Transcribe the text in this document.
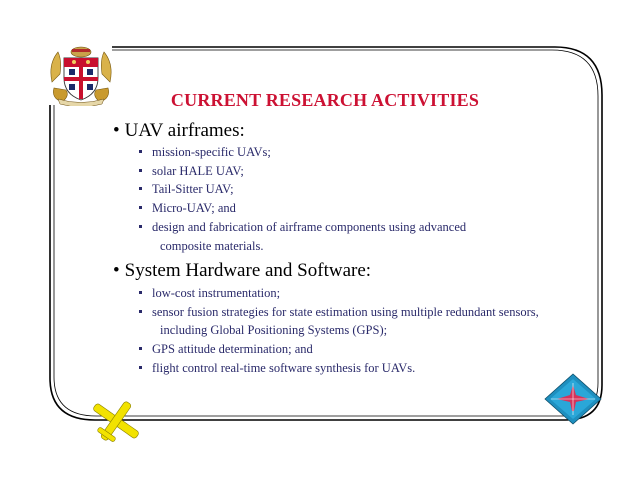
CURRENT RESEARCH ACTIVITIES
• UAV airframes:
mission-specific UAVs;
solar HALE UAV;
Tail-Sitter UAV;
Micro-UAV; and
design and fabrication of airframe components using advanced
composite materials.
• System Hardware and Software:
low-cost instrumentation;
sensor fusion strategies for state estimation using multiple redundant sensors,
including Global Positioning Systems (GPS);
GPS attitude determination; and
flight control real-time software synthesis for UAVs.
